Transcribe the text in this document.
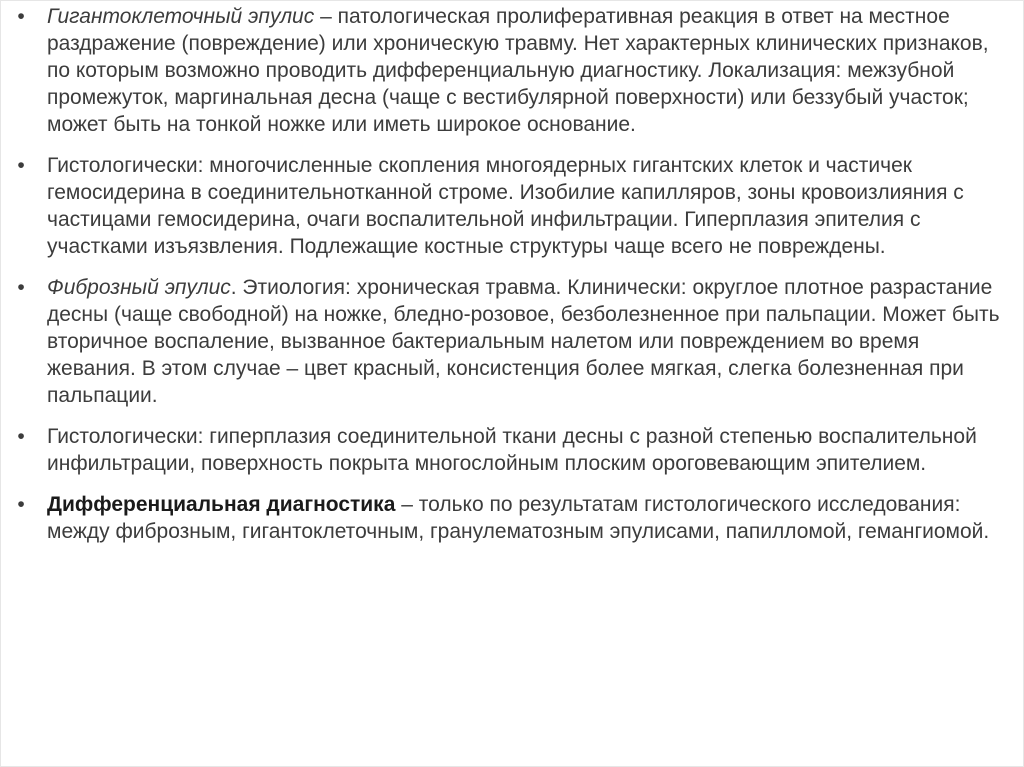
•	Гигантоклеточный эпулис – патологическая пролиферативная реакция в ответ на местное раздражение (повреждение) или хроническую травму. Нет характерных клинических признаков, по которым возможно проводить дифференциальную диагностику. Локализация: межзубной промежуток, маргинальная десна (чаще с вестибулярной поверхности) или беззубый участок; может быть на тонкой ножке или иметь широкое основание.
•	Гистологически: многочисленные скопления многоядерных гигантских клеток и частичек гемосидерина в соединительнотканной строме. Изобилие капилляров, зоны кровоизлияния с частицами гемосидерина, очаги воспалительной инфильтрации. Гиперплазия эпителия с участками изъязвления. Подлежащие костные структуры чаще всего не повреждены.
•	Фиброзный эпулис. Этиология: хроническая травма. Клинически: округлое плотное разрастание десны (чаще свободной) на ножке, бледно-розовое, безболезненное при пальпации. Может быть вторичное воспаление, вызванное бактериальным налетом или повреждением во время жевания. В этом случае – цвет красный, консистенция более мягкая, слегка болезненная при пальпации.
•	Гистологически: гиперплазия соединительной ткани десны с разной степенью воспалительной инфильтрации, поверхность покрыта многослойным плоским ороговевающим эпителием.
•	Дифференциальная диагностика – только по результатам гистологического исследования: между фиброзным, гигантоклеточным, гранулематозным эпулисами, папилломой, гемангиомой.
